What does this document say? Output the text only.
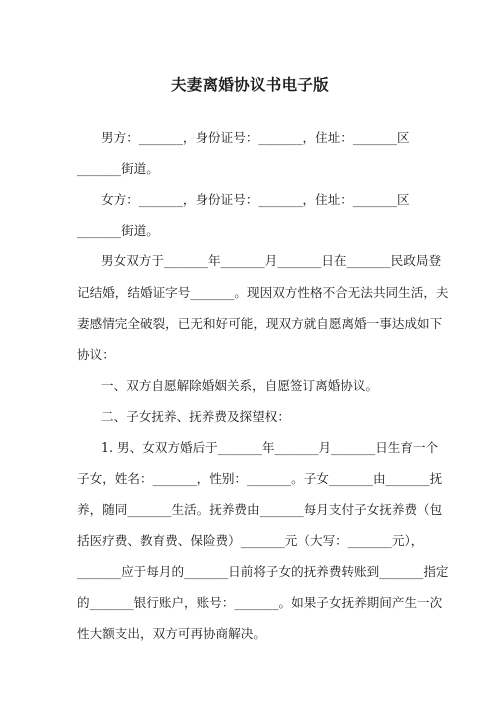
夫妻离婚协议书电子版
男方：_______，身份证号：_______，住址：_______区
_______街道。
女方：_______，身份证号：_______，住址：_______区
_______街道。
男女双方于_______年_______月_______日在_______民政局登
记结婚，结婚证字号_______。现因双方性格不合无法共同生活，夫
妻感情完全破裂，已无和好可能，现双方就自愿离婚一事达成如下
协议：
一、双方自愿解除婚姻关系，自愿签订离婚协议。
二、子女抚养、抚养费及探望权：
1. 男、女双方婚后于_______年_______月_______日生育一个
子女，姓名：_______，性别：_______。子女_______由_______抚
养，随同_______生活。抚养费由_______每月支付子女抚养费（包
括医疗费、教育费、保险费）_______元（大写：_______元），
_______应于每月的_______日前将子女的抚养费转账到_______指定
的_______银行账户，账号：_______。如果子女抚养期间产生一次
性大额支出，双方可再协商解决。
